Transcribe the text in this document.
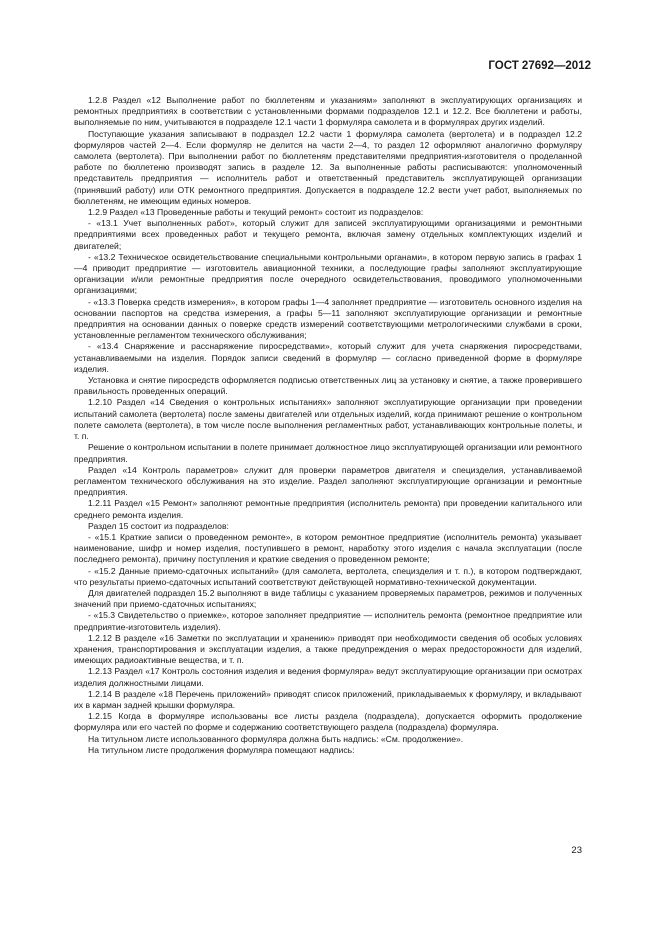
ГОСТ 27692—2012

1.2.8 Раздел «12 Выполнение работ по бюллетеням и указаниям» заполняют в эксплуатирующих организациях и ремонтных предприятиях в соответствии с установленными формами подразделов 12.1 и 12.2. Все бюллетени и работы, выполняемые по ним, учитываются в подразделе 12.1 части 1 формуляра самолета и в формулярах других изделий.

Поступающие указания записывают в подраздел 12.2 части 1 формуляра самолета (вертолета) и в подраздел 12.2 формуляров частей 2—4. Если формуляр не делится на части 2—4, то раздел 12 оформляют аналогично формуляру самолета (вертолета). При выполнении работ по бюллетеням представителями предприятия-изготовителя о проделанной работе по бюллетеню производят запись в разделе 12. За выполненные работы расписываются: уполномоченный представитель предприятия — исполнитель работ и ответственный представитель эксплуатирующей организации (принявший работу) или ОТК ремонтного предприятия. Допускается в подразделе 12.2 вести учет работ, выполняемых по бюллетеням, не имеющим единых номеров.

1.2.9 Раздел «13 Проведенные работы и текущий ремонт» состоит из подразделов:

- «13.1 Учет выполненных работ», который служит для записей эксплуатирующими организациями и ремонтными предприятиями всех проведенных работ и текущего ремонта, включая замену отдельных комплектующих изделий и двигателей;

- «13.2 Техническое освидетельствование специальными контрольными органами», в котором первую запись в графах 1—4 приводит предприятие — изготовитель авиационной техники, а последующие графы заполняют эксплуатирующие организации и/или ремонтные предприятия после очередного освидетельствования, проводимого уполномоченными организациями;

- «13.3 Поверка средств измерения», в котором графы 1—4 заполняет предприятие — изготовитель основного изделия на основании паспортов на средства измерения, а графы 5—11 заполняют эксплуатирующие организации и ремонтные предприятия на основании данных о поверке средств измерений соответствующими метрологическими службами в сроки, установленные регламентом технического обслуживания;

- «13.4 Снаряжение и расснаряжение пиросредствами», который служит для учета снаряжения пиросредствами, устанавливаемыми на изделия. Порядок записи сведений в формуляр — согласно приведенной форме в формуляре изделия.

Установка и снятие пиросредств оформляется подписью ответственных лиц за установку и снятие, а также проверившего правильность проведенных операций.

1.2.10 Раздел «14 Сведения о контрольных испытаниях» заполняют эксплуатирующие организации при проведении испытаний самолета (вертолета) после замены двигателей или отдельных изделий, когда принимают решение о контрольном полете самолета (вертолета), в том числе после выполнения регламентных работ, устанавливающих контрольные полеты, и т. п.

Решение о контрольном испытании в полете принимает должностное лицо эксплуатирующей организации или ремонтного предприятия.

Раздел «14 Контроль параметров» служит для проверки параметров двигателя и специзделия, устанавливаемой регламентом технического обслуживания на это изделие. Раздел заполняют эксплуатирующие организации и ремонтные предприятия.

1.2.11 Раздел «15 Ремонт» заполняют ремонтные предприятия (исполнитель ремонта) при проведении капитального или среднего ремонта изделия.

Раздел 15 состоит из подразделов:

- «15.1 Краткие записи о проведенном ремонте», в котором ремонтное предприятие (исполнитель ремонта) указывает наименование, шифр и номер изделия, поступившего в ремонт, наработку этого изделия с начала эксплуатации (после последнего ремонта), причину поступления и краткие сведения о проведенном ремонте;

- «15.2 Данные приемо-сдаточных испытаний» (для самолета, вертолета, специзделия и т. п.), в котором подтверждают, что результаты приемо-сдаточных испытаний соответствуют действующей нормативно-технической документации.

Для двигателей подраздел 15.2 выполняют в виде таблицы с указанием проверяемых параметров, режимов и полученных значений при приемо-сдаточных испытаниях;

- «15.3 Свидетельство о приемке», которое заполняет предприятие — исполнитель ремонта (ремонтное предприятие или предприятие-изготовитель изделия).

1.2.12 В разделе «16 Заметки по эксплуатации и хранению» приводят при необходимости сведения об особых условиях хранения, транспортирования и эксплуатации изделия, а также предупреждения о мерах предосторожности для изделий, имеющих радиоактивные вещества, и т. п.

1.2.13 Раздел «17 Контроль состояния изделия и ведения формуляра» ведут эксплуатирующие организации при осмотрах изделия должностными лицами.

1.2.14 В разделе «18 Перечень приложений» приводят список приложений, прикладываемых к формуляру, и вкладывают их в карман задней крышки формуляра.

1.2.15 Когда в формуляре использованы все листы раздела (подраздела), допускается оформить продолжение формуляра или его частей по форме и содержанию соответствующего раздела (подраздела) формуляра.

На титульном листе использованного формуляра должна быть надпись: «См. продолжение».

На титульном листе продолжения формуляра помещают надпись:

23
